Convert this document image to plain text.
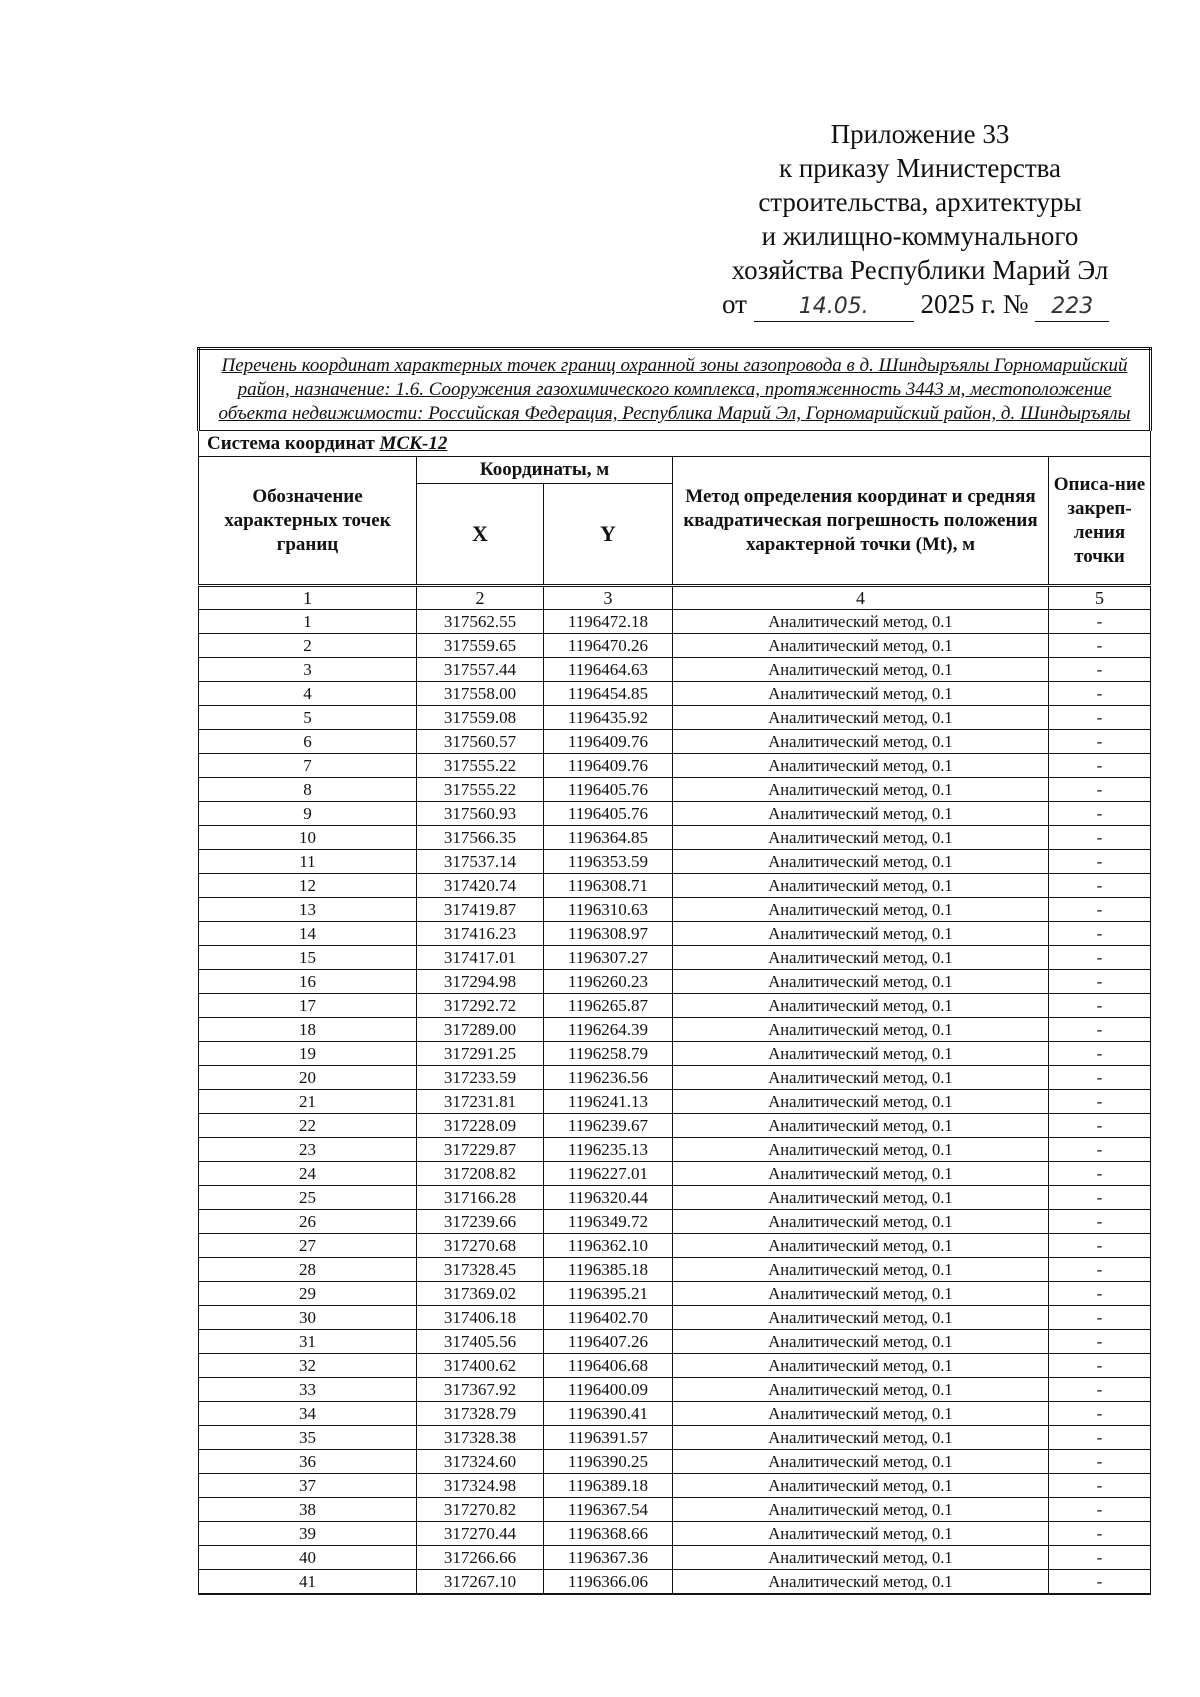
Приложение 33
к приказу Министерства
строительства, архитектуры
и жилищно-коммунального
хозяйства Республики Марий Эл
от 14.05. 2025 г. № 223
Перечень координат характерных точек границ охранной зоны газопровода в д. Шиндыръялы Горномарийский район, назначение: 1.6. Сооружения газохимического комплекса, протяженность 3443 м, местоположение объекта недвижимости: Российская Федерация, Республика Марий Эл, Горномарийский район, д. Шиндыръялы				
Система координат МСК-12				
Обозначение характерных точек границ	Координаты, м		Метод определения координат и средняя квадратическая погрешность положения характерной точки (Mt), м	Описа-ние закреп-ления точки
	X	Y		
1	2	3	4	5
1	317562.55	1196472.18	Аналитический метод, 0.1	-
2	317559.65	1196470.26	Аналитический метод, 0.1	-
3	317557.44	1196464.63	Аналитический метод, 0.1	-
4	317558.00	1196454.85	Аналитический метод, 0.1	-
5	317559.08	1196435.92	Аналитический метод, 0.1	-
6	317560.57	1196409.76	Аналитический метод, 0.1	-
7	317555.22	1196409.76	Аналитический метод, 0.1	-
8	317555.22	1196405.76	Аналитический метод, 0.1	-
9	317560.93	1196405.76	Аналитический метод, 0.1	-
10	317566.35	1196364.85	Аналитический метод, 0.1	-
11	317537.14	1196353.59	Аналитический метод, 0.1	-
12	317420.74	1196308.71	Аналитический метод, 0.1	-
13	317419.87	1196310.63	Аналитический метод, 0.1	-
14	317416.23	1196308.97	Аналитический метод, 0.1	-
15	317417.01	1196307.27	Аналитический метод, 0.1	-
16	317294.98	1196260.23	Аналитический метод, 0.1	-
17	317292.72	1196265.87	Аналитический метод, 0.1	-
18	317289.00	1196264.39	Аналитический метод, 0.1	-
19	317291.25	1196258.79	Аналитический метод, 0.1	-
20	317233.59	1196236.56	Аналитический метод, 0.1	-
21	317231.81	1196241.13	Аналитический метод, 0.1	-
22	317228.09	1196239.67	Аналитический метод, 0.1	-
23	317229.87	1196235.13	Аналитический метод, 0.1	-
24	317208.82	1196227.01	Аналитический метод, 0.1	-
25	317166.28	1196320.44	Аналитический метод, 0.1	-
26	317239.66	1196349.72	Аналитический метод, 0.1	-
27	317270.68	1196362.10	Аналитический метод, 0.1	-
28	317328.45	1196385.18	Аналитический метод, 0.1	-
29	317369.02	1196395.21	Аналитический метод, 0.1	-
30	317406.18	1196402.70	Аналитический метод, 0.1	-
31	317405.56	1196407.26	Аналитический метод, 0.1	-
32	317400.62	1196406.68	Аналитический метод, 0.1	-
33	317367.92	1196400.09	Аналитический метод, 0.1	-
34	317328.79	1196390.41	Аналитический метод, 0.1	-
35	317328.38	1196391.57	Аналитический метод, 0.1	-
36	317324.60	1196390.25	Аналитический метод, 0.1	-
37	317324.98	1196389.18	Аналитический метод, 0.1	-
38	317270.82	1196367.54	Аналитический метод, 0.1	-
39	317270.44	1196368.66	Аналитический метод, 0.1	-
40	317266.66	1196367.36	Аналитический метод, 0.1	-
41	317267.10	1196366.06	Аналитический метод, 0.1	-
